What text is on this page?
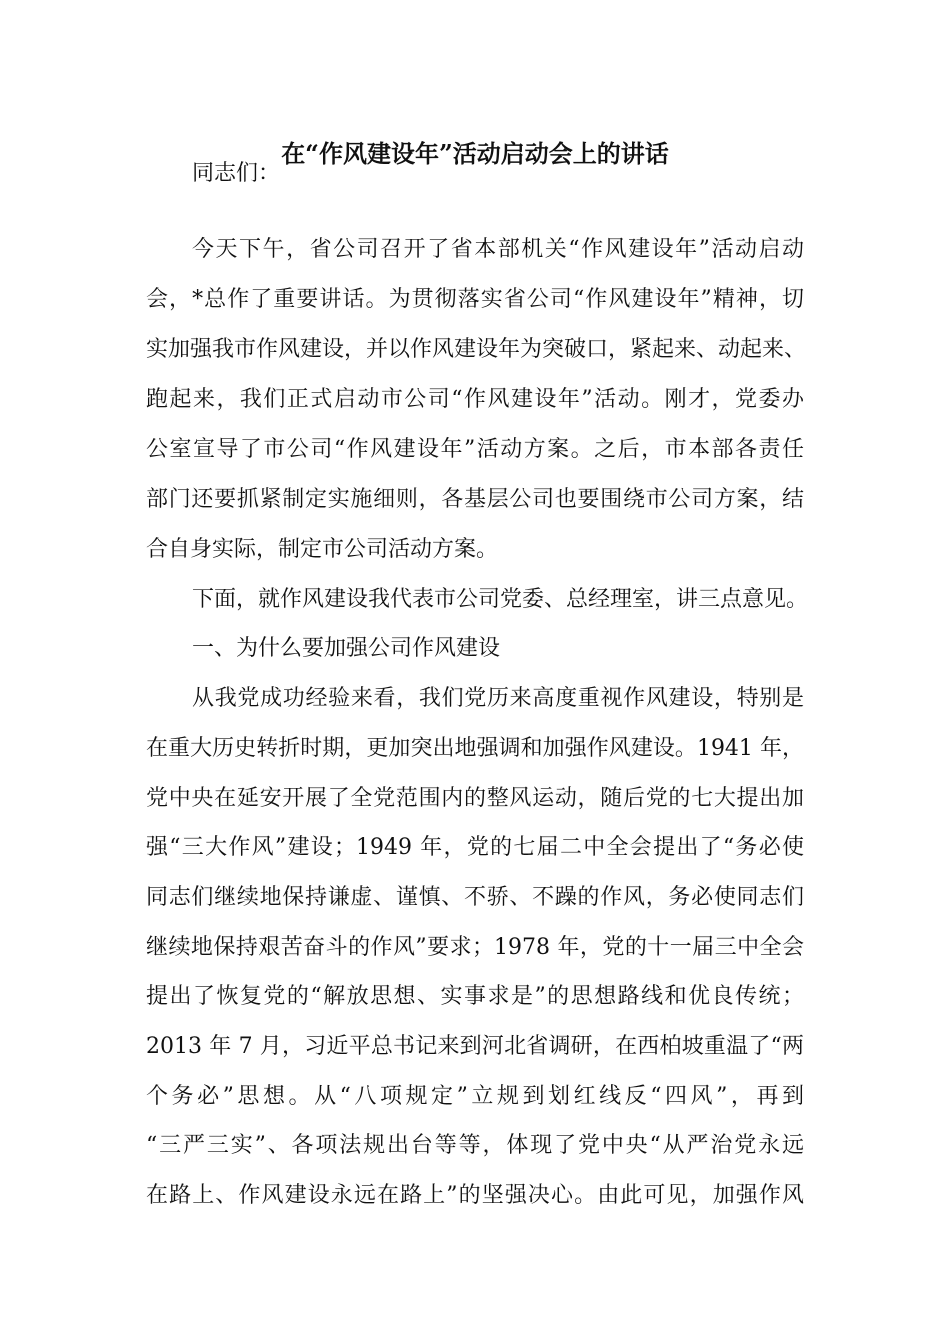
在“作风建设年”活动启动会上的讲话

同志们：

今天下午，省公司召开了省本部机关“作风建设年”活动启动

会，*总作了重要讲话。为贯彻落实省公司“作风建设年”精神，切

实加强我市作风建设，并以作风建设年为突破口，紧起来、动起来、

跑起来，我们正式启动市公司“作风建设年”活动。刚才，党委办

公室宣导了市公司“作风建设年”活动方案。之后，市本部各责任

部门还要抓紧制定实施细则，各基层公司也要围绕市公司方案，结

合自身实际，制定市公司活动方案。

下面，就作风建设我代表市公司党委、总经理室，讲三点意见。

一、为什么要加强公司作风建设

从我党成功经验来看，我们党历来高度重视作风建设，特别是

在重大历史转折时期，更加突出地强调和加强作风建设。1941 年，

党中央在延安开展了全党范围内的整风运动，随后党的七大提出加

强“三大作风”建设；1949 年，党的七届二中全会提出了“务必使

同志们继续地保持谦虚、谨慎、不骄、不躁的作风，务必使同志们

继续地保持艰苦奋斗的作风”要求；1978 年，党的十一届三中全会

提出了恢复党的“解放思想、实事求是”的思想路线和优良传统；

2013 年 7 月，习近平总书记来到河北省调研，在西柏坡重温了“两

个务必”思想。从“八项规定”立规到划红线反“四风”，再到

“三严三实”、各项法规出台等等，体现了党中央“从严治党永远

在路上、作风建设永远在路上”的坚强决心。由此可见，加强作风
